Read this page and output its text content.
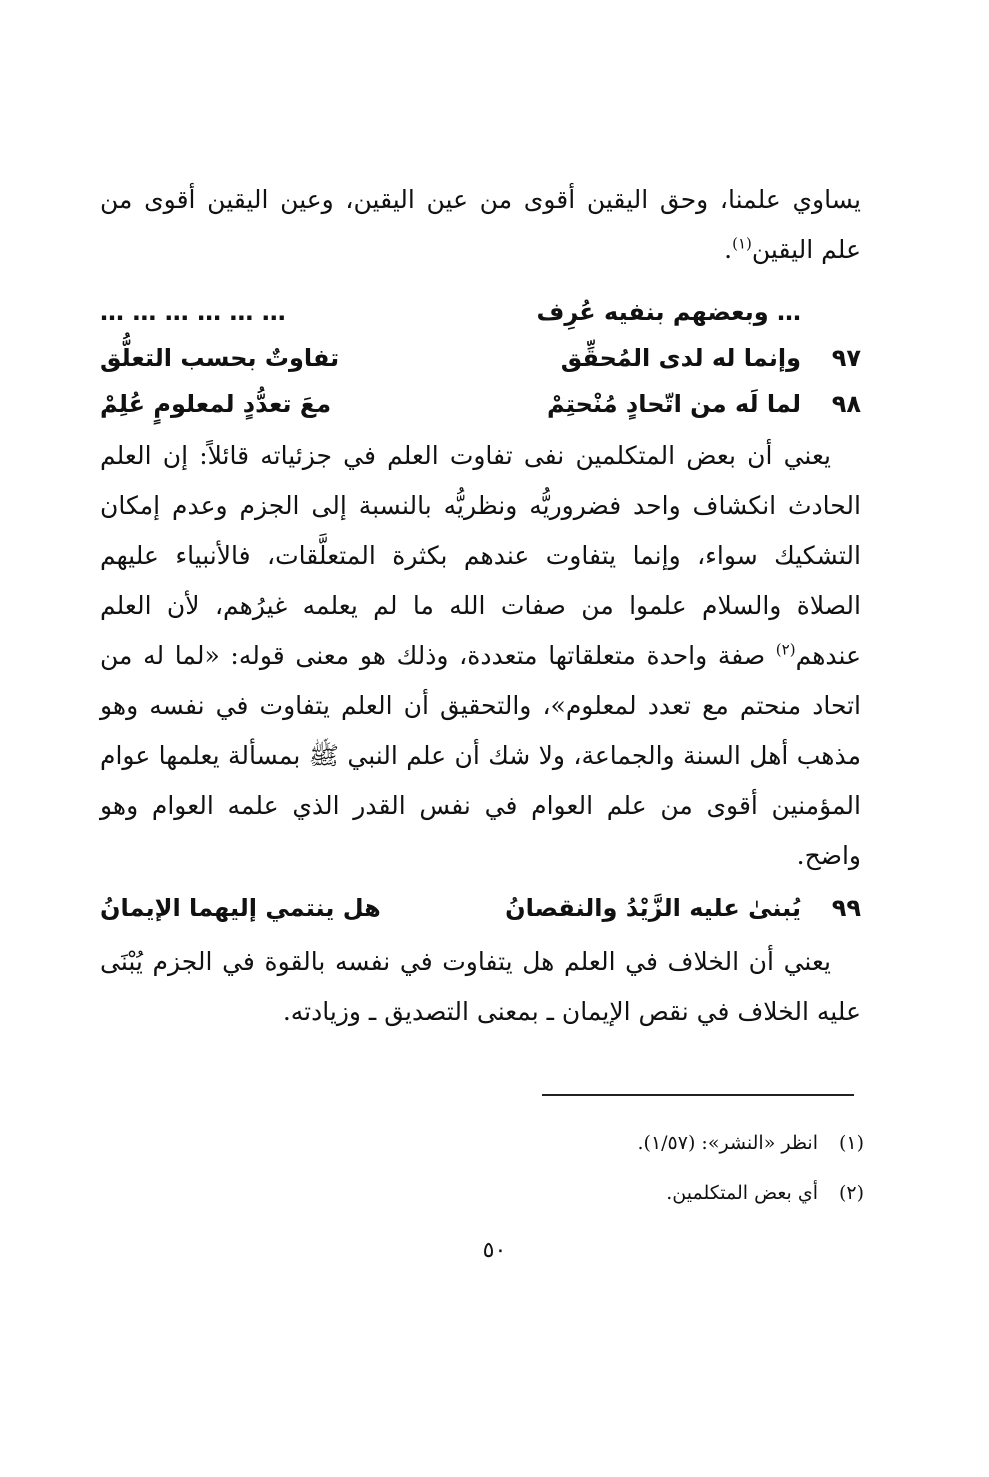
يساوي علمنا، وحق اليقين أقوى من عين اليقين، وعين اليقين أقوى من علم اليقين$^{(١)}$.

… وبعضهم بنفيه عُرِف
… … … … … …
٩٧
وإنما له لدى المُحقِّق
تفاوتٌ بحسب التعلُّق
٩٨
لما لَه من اتّحادٍ مُنْحتِمْ
معَ تعدُّدٍ لمعلومٍ عُلِمْ

يعني أن بعض المتكلمين نفى تفاوت العلم في جزئياته قائلاً: إن العلم الحادث انكشاف واحد فضروريُّه ونظريُّه بالنسبة إلى الجزم وعدم إمكان التشكيك سواء، وإنما يتفاوت عندهم بكثرة المتعلَّقات، فالأنبياء عليهم الصلاة والسلام علموا من صفات الله ما لم يعلمه غيرُهم، لأن العلم عندهم$^{(٢)}$ صفة واحدة متعلقاتها متعددة، وذلك هو معنى قوله: «لما له من اتحاد منحتم مع تعدد لمعلوم»، والتحقيق أن العلم يتفاوت في نفسه وهو مذهب أهل السنة والجماعة، ولا شك أن علم النبي ﷺ بمسألة يعلمها عوام المؤمنين أقوى من علم العوام في نفس القدر الذي علمه العوام وهو واضح.

٩٩
يُبنىٰ عليه الزَّيْدُ والنقصانُ
هل ينتمي إليهما الإيمانُ

يعني أن الخلاف في العلم هل يتفاوت في نفسه بالقوة في الجزم يُبْنَى عليه الخلاف في نقص الإيمان ـ بمعنى التصديق ـ وزيادته.

(١)انظر «النشر»: (١/٥٧).
(٢)أي بعض المتكلمين.
٥٠
